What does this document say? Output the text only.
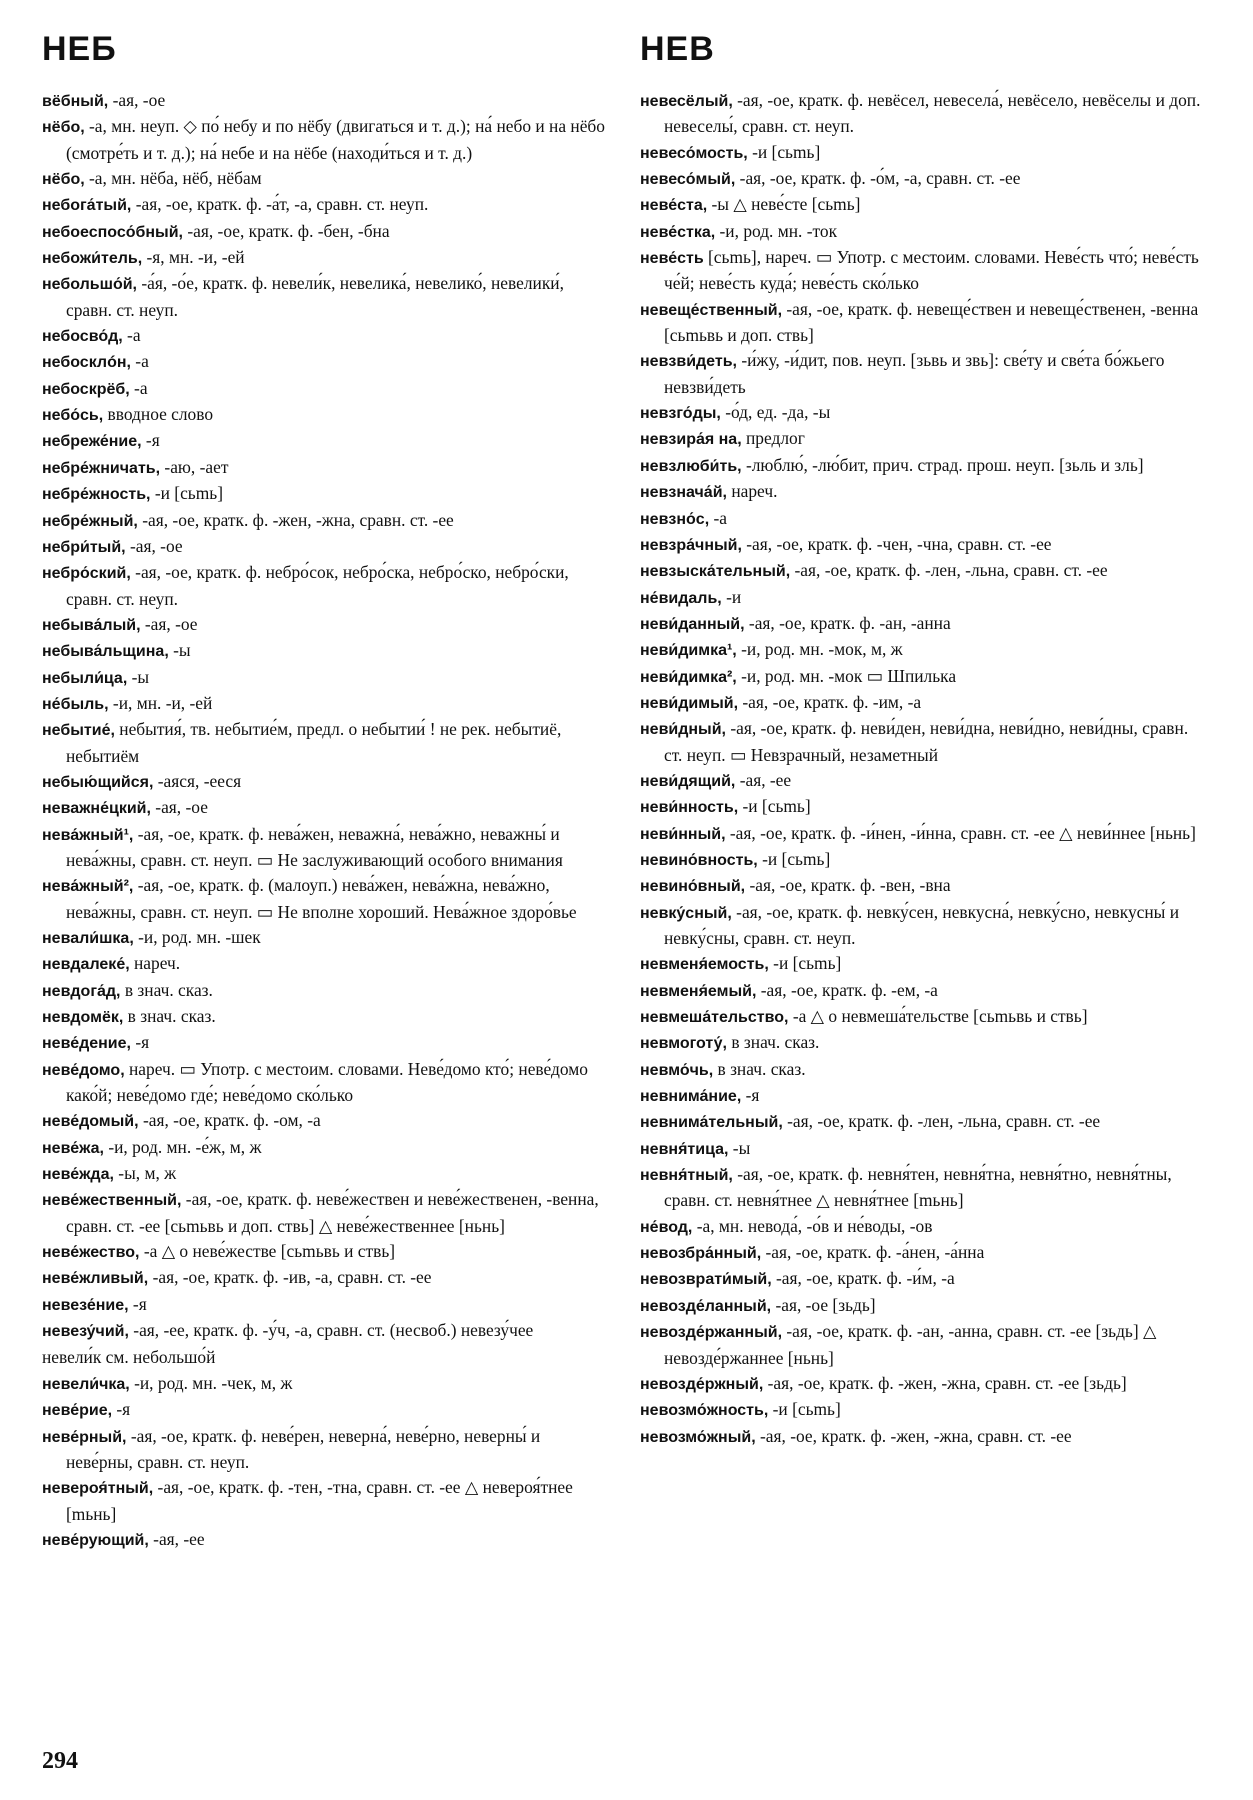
НЕБ	НЕВ

вёбный, -ая, -ое

нёбо, -а, мн. неуп. ◇ по́ небу и по нёбу (двигаться и т. д.); на́ небо и на нёбо (смотре́ть и т. д.); на́ небе и на нёбе (находи́ться и т. д.)

нёбо, -а, мн. нёба, нёб, нёбам

небога́тый, -ая, -ое, кратк. ф. -а́т, -а, сравн. ст. неуп.

небоеспосо́бный, -ая, -ое, кратк. ф. -бен, -бна

небожи́тель, -я, мн. -и, -ей

небольшо́й, -а́я, -о́е, кратк. ф. невели́к, невелика́, невелико́, невелики́, сравн. ст. неуп.

небосво́д, -а

небосклóн, -а

небоскрёб, -а

небо́сь, вводное слово

небреже́ние, -я

небре́жничать, -аю, -ает

небре́жность, -и [сьmь]

небре́жный, -ая, -ое, кратк. ф. -жен, -жна, сравн. ст. -ее

небри́тый, -ая, -ое

небро́ский, -ая, -ое, кратк. ф. небро́сок, небро́ска, небро́ско, небро́ски, сравн. ст. неуп.

небыва́лый, -ая, -ое

небыва́льщина, -ы

небыли́ца, -ы

не́быль, -и, мн. -и, -ей

небытие́, небытия́, тв. небытие́м, предл. о небытии́ ! не рек. небытиё, небытиём

небыю́щийся, -аяся, -ееся

неважне́цкий, -ая, -ое

нева́жный¹, -ая, -ое, кратк. ф. нева́жен, неважна́, нева́жно, неважны́ и нева́жны, сравн. ст. неуп. ▭ Не заслуживающий особого внимания

нева́жный², -ая, -ое, кратк. ф. (малоуп.) нева́жен, нева́жна, нева́жно, нева́жны, сравн. ст. неуп. ▭ Не вполне хороший. Нева́жное здоро́вье

невали́шка, -и, род. мн. -шек

невдалеке́, нареч.

невдога́д, в знач. сказ.

невдомёк, в знач. сказ.

неве́дение, -я

неве́домо, нареч. ▭ Употр. с местоим. словами. Неве́домо кто́; неве́домо како́й; неве́домо где́; неве́домо ско́лько

неве́домый, -ая, -ое, кратк. ф. -ом, -а

неве́жа, -и, род. мн. -е́ж, м, ж

неве́жда, -ы, м, ж

неве́жественный, -ая, -ое, кратк. ф. неве́жествен и неве́жественен, -венна, сравн. ст. -ее [сьmьвь и доп. ствь] △ неве́жественнее [ньнь]

неве́жество, -а △ о неве́жестве [сьmьвь и ствь]

неве́жливый, -ая, -ое, кратк. ф. -ив, -а, сравн. ст. -ее

невезе́ние, -я

невезу́чий, -ая, -ее, кратк. ф. -у́ч, -а, сравн. ст. (несвоб.) невезу́чее

невели́к см. небольшо́й

невели́чка, -и, род. мн. -чек, м, ж

неве́рие, -я

неве́рный, -ая, -ое, кратк. ф. неве́рен, неверна́, неве́рно, неверны́ и неве́рны, сравн. ст. неуп.

невероя́тный, -ая, -ое, кратк. ф. -тен, -тна, сравн. ст. -ее △ невероя́тнее [mьнь]

неве́рующий, -ая, -ее

невесёлый, -ая, -ое, кратк. ф. невёсел, невесела́, невёсело, невёселы и доп. невеселы́, сравн. ст. неуп.

невесо́мость, -и [сьmь]

невесо́мый, -ая, -ое, кратк. ф. -о́м, -а, сравн. ст. -ее

неве́ста, -ы △ неве́сте [сьmь]

неве́стка, -и, род. мн. -ток

неве́сть [сьmь], нареч. ▭ Употр. с местоим. словами. Неве́сть что́; неве́сть че́й; неве́сть куда́; неве́сть ско́лько

невеще́ственный, -ая, -ое, кратк. ф. невеще́ствен и невеще́ственен, -венна [сьmьвь и доп. ствь]

невзви́деть, -и́жу, -и́дит, пов. неуп. [зьвь и звь]: све́ту и све́та бо́жьего невзви́деть

невзго́ды, -о́д, ед. -да, -ы

невзира́я на, предлог

невзлюби́ть, -люблю́, -лю́бит, прич. страд. прош. неуп. [зьль и зль]

невзнача́й, нареч.

невзно́с, -а

невзра́чный, -ая, -ое, кратк. ф. -чен, -чна, сравн. ст. -ее

невзыска́тельный, -ая, -ое, кратк. ф. -лен, -льна, сравн. ст. -ее

не́видаль, -и

неви́данный, -ая, -ое, кратк. ф. -ан, -анна

неви́димка¹, -и, род. мн. -мок, м, ж

неви́димка², -и, род. мн. -мок ▭ Шпилька

неви́димый, -ая, -ое, кратк. ф. -им, -а

неви́дный, -ая, -ое, кратк. ф. неви́ден, неви́дна, неви́дно, неви́дны, сравн. ст. неуп. ▭ Невзрачный, незаметный

неви́дящий, -ая, -ее

неви́нность, -и [сьmь]

неви́нный, -ая, -ое, кратк. ф. -и́нен, -и́нна, сравн. ст. -ее △ неви́ннее [ньнь]

невино́вность, -и [сьmь]

невино́вный, -ая, -ое, кратк. ф. -вен, -вна

невку́сный, -ая, -ое, кратк. ф. невку́сен, невкусна́, невку́сно, невкусны́ и невку́сны, сравн. ст. неуп.

невменя́емость, -и [сьmь]

невменя́емый, -ая, -ое, кратк. ф. -ем, -а

невмеша́тельство, -а △ о невмеша́тельстве [сьmьвь и ствь]

невмоготу́, в знач. сказ.

невмо́чь, в знач. сказ.

невнима́ние, -я

невнима́тельный, -ая, -ое, кратк. ф. -лен, -льна, сравн. ст. -ее

невня́тица, -ы

невня́тный, -ая, -ое, кратк. ф. невня́тен, невня́тна, невня́тно, невня́тны, сравн. ст. невня́тнее △ невня́тнее [mьнь]

не́вод, -а, мн. невода́, -о́в и не́воды, -ов

невозбра́нный, -ая, -ое, кратк. ф. -а́нен, -а́нна

невозврати́мый, -ая, -ое, кратк. ф. -и́м, -а

невозде́ланный, -ая, -ое [зьдь]

невозде́ржанный, -ая, -ое, кратк. ф. -ан, -анна, сравн. ст. -ее [зьдь] △ невозде́ржаннее [ньнь]

невозде́ржный, -ая, -ое, кратк. ф. -жен, -жна, сравн. ст. -ее [зьдь]

невозмо́жность, -и [сьmь]

невозмо́жный, -ая, -ое, кратк. ф. -жен, -жна, сравн. ст. -ее

294
